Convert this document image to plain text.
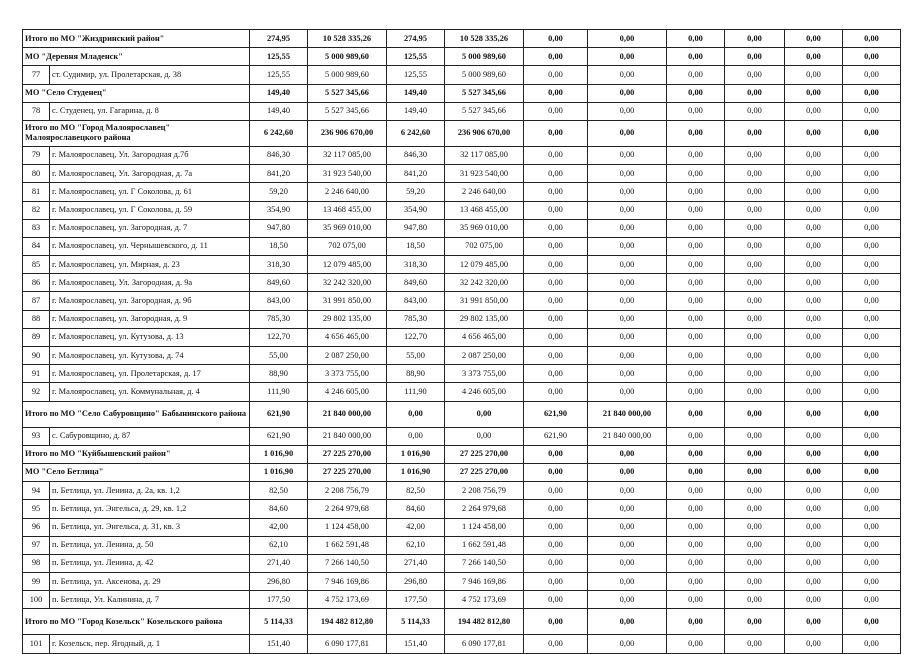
Итого по МО "Жиздринский район"		274,95	10 528 335,26	274,95	10 528 335,26	0,00	0,00	0,00	0,00	0,00	0,00
МО "Деревня Младенск"		125,55	5 000 989,60	125,55	5 000 989,60	0,00	0,00	0,00	0,00	0,00	0,00
77	ст. Судимир, ул. Пролетарская, д. 38	125,55	5 000 989,60	125,55	5 000 989,60	0,00	0,00	0,00	0,00	0,00	0,00
МО "Село Студенец"		149,40	5 527 345,66	149,40	5 527 345,66	0,00	0,00	0,00	0,00	0,00	0,00
78	с. Студенец, ул. Гагарина, д. 8	149,40	5 527 345,66	149,40	5 527 345,66	0,00	0,00	0,00	0,00	0,00	0,00
Итого по МО "Город Малоярославец" Малоярославецкого района		6 242,60	236 906 670,00	6 242,60	236 906 670,00	0,00	0,00	0,00	0,00	0,00	0,00
79	г. Малоярославец, Ул. Загородная д.7б	846,30	32 117 085,00	846,30	32 117 085,00	0,00	0,00	0,00	0,00	0,00	0,00
80	г. Малоярославец, Ул. Загородная, д. 7а	841,20	31 923 540,00	841,20	31 923 540,00	0,00	0,00	0,00	0,00	0,00	0,00
81	г. Малоярославец, ул. Г Соколова, д. 61	59,20	2 246 640,00	59,20	2 246 640,00	0,00	0,00	0,00	0,00	0,00	0,00
82	г. Малоярославец, ул. Г Соколова, д. 59	354,90	13 468 455,00	354,90	13 468 455,00	0,00	0,00	0,00	0,00	0,00	0,00
83	г. Малоярославец, ул. Загородная, д. 7	947,80	35 969 010,00	947,80	35 969 010,00	0,00	0,00	0,00	0,00	0,00	0,00
84	г. Малоярославец, ул. Чернышевского, д. 11	18,50	702 075,00	18,50	702 075,00	0,00	0,00	0,00	0,00	0,00	0,00
85	г. Малоярославец, ул. Мирная, д. 23	318,30	12 079 485,00	318,30	12 079 485,00	0,00	0,00	0,00	0,00	0,00	0,00
86	г. Малоярославец, Ул. Загородная, д. 9а	849,60	32 242 320,00	849,60	32 242 320,00	0,00	0,00	0,00	0,00	0,00	0,00
87	г. Малоярославец, ул. Загородная, д. 9б	843,00	31 991 850,00	843,00	31 991 850,00	0,00	0,00	0,00	0,00	0,00	0,00
88	г. Малоярославец, ул. Загородная, д. 9	785,30	29 802 135,00	785,30	29 802 135,00	0,00	0,00	0,00	0,00	0,00	0,00
89	г. Малоярославец, ул. Кутузова, д. 13	122,70	4 656 465,00	122,70	4 656 465,00	0,00	0,00	0,00	0,00	0,00	0,00
90	г. Малоярославец, ул. Кутузова, д. 74	55,00	2 087 250,00	55,00	2 087 250,00	0,00	0,00	0,00	0,00	0,00	0,00
91	г. Малоярославец, ул. Пролетарская, д. 17	88,90	3 373 755,00	88,90	3 373 755,00	0,00	0,00	0,00	0,00	0,00	0,00
92	г. Малоярославец, ул. Коммунальная, д. 4	111,90	4 246 605,00	111,90	4 246 605,00	0,00	0,00	0,00	0,00	0,00	0,00
Итого по МО "Село Сабуровщино" Бабынинского района		621,90	21 840 000,00	0,00	0,00	621,90	21 840 000,00	0,00	0,00	0,00	0,00
93	с. Сабуровщино, д. 87	621,90	21 840 000,00	0,00	0,00	621,90	21 840 000,00	0,00	0,00	0,00	0,00
Итого по МО "Куйбышевский район"		1 016,90	27 225 270,00	1 016,90	27 225 270,00	0,00	0,00	0,00	0,00	0,00	0,00
МО "Село Бетлица"		1 016,90	27 225 270,00	1 016,90	27 225 270,00	0,00	0,00	0,00	0,00	0,00	0,00
94	п. Бетлица, ул. Ленина, д. 2а, кв. 1,2	82,50	2 208 756,79	82,50	2 208 756,79	0,00	0,00	0,00	0,00	0,00	0,00
95	п. Бетлица, ул. Энгельса, д. 29, кв. 1,2	84,60	2 264 979,68	84,60	2 264 979,68	0,00	0,00	0,00	0,00	0,00	0,00
96	п. Бетлица, ул. Энгельса, д. 31, кв. 3	42,00	1 124 458,00	42,00	1 124 458,00	0,00	0,00	0,00	0,00	0,00	0,00
97	п. Бетлица, ул. Ленина, д. 50	62,10	1 662 591,48	62,10	1 662 591,48	0,00	0,00	0,00	0,00	0,00	0,00
98	п. Бетлица, ул. Ленина, д. 42	271,40	7 266 140,50	271,40	7 266 140,50	0,00	0,00	0,00	0,00	0,00	0,00
99	п. Бетлица, ул. Аксенова, д. 29	296,80	7 946 169,86	296,80	7 946 169,86	0,00	0,00	0,00	0,00	0,00	0,00
100	п. Бетлица, Ул. Калинина, д. 7	177,50	4 752 173,69	177,50	4 752 173,69	0,00	0,00	0,00	0,00	0,00	0,00
Итого по МО "Город Козельск" Козельского района		5 114,33	194 482 812,80	5 114,33	194 482 812,80	0,00	0,00	0,00	0,00	0,00	0,00
101	г. Козельск, пер. Ягодный, д. 1	151,40	6 090 177,81	151,40	6 090 177,81	0,00	0,00	0,00	0,00	0,00	0,00
